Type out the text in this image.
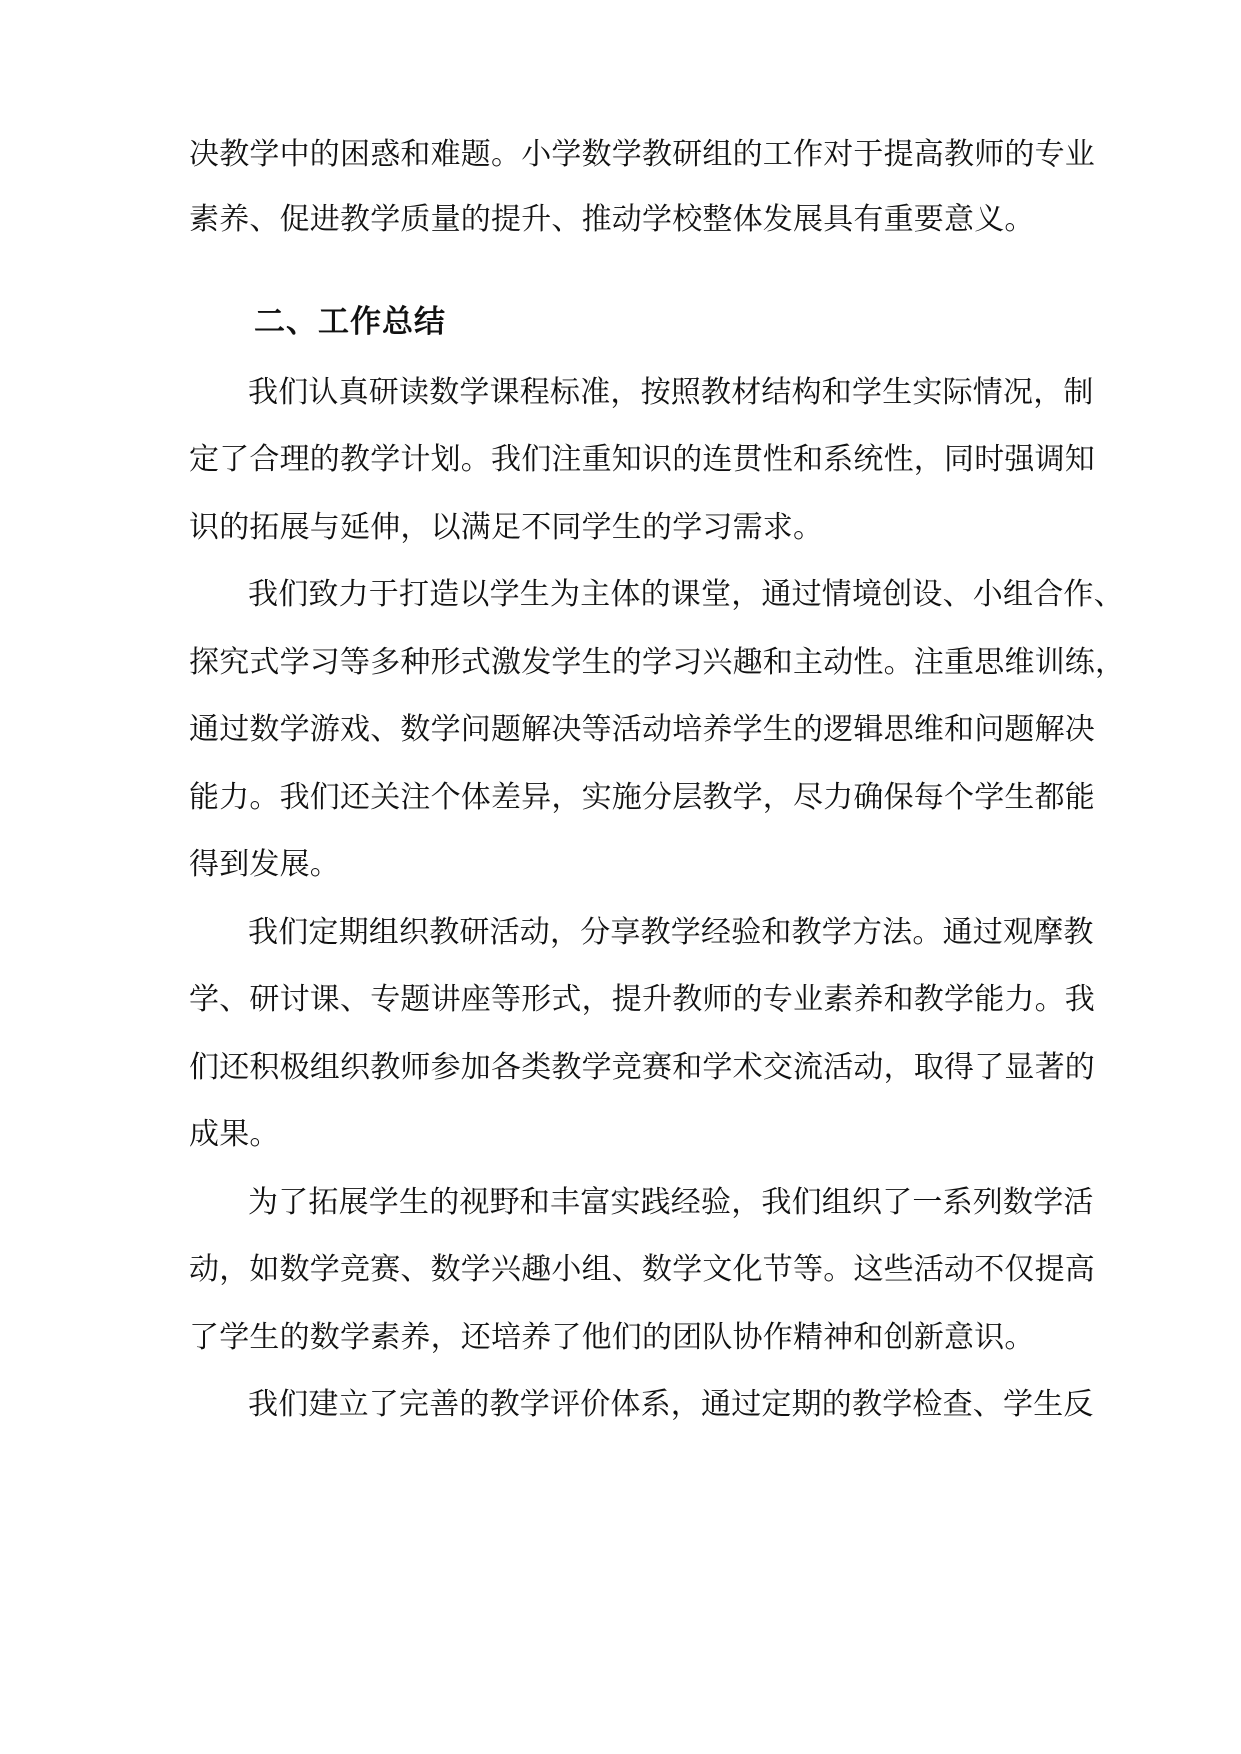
决教学中的困惑和难题。小学数学教研组的工作对于提高教师的专业
素养、促进教学质量的提升、推动学校整体发展具有重要意义。
二、工作总结
我们认真研读数学课程标准，按照教材结构和学生实际情况，制
定了合理的教学计划。我们注重知识的连贯性和系统性，同时强调知
识的拓展与延伸，以满足不同学生的学习需求。
我们致力于打造以学生为主体的课堂，通过情境创设、小组合作、
探究式学习等多种形式激发学生的学习兴趣和主动性。注重思维训练，
通过数学游戏、数学问题解决等活动培养学生的逻辑思维和问题解决
能力。我们还关注个体差异，实施分层教学，尽力确保每个学生都能
得到发展。
我们定期组织教研活动，分享教学经验和教学方法。通过观摩教
学、研讨课、专题讲座等形式，提升教师的专业素养和教学能力。我
们还积极组织教师参加各类教学竞赛和学术交流活动，取得了显著的
成果。
为了拓展学生的视野和丰富实践经验，我们组织了一系列数学活
动，如数学竞赛、数学兴趣小组、数学文化节等。这些活动不仅提高
了学生的数学素养，还培养了他们的团队协作精神和创新意识。
我们建立了完善的教学评价体系，通过定期的教学检查、学生反
